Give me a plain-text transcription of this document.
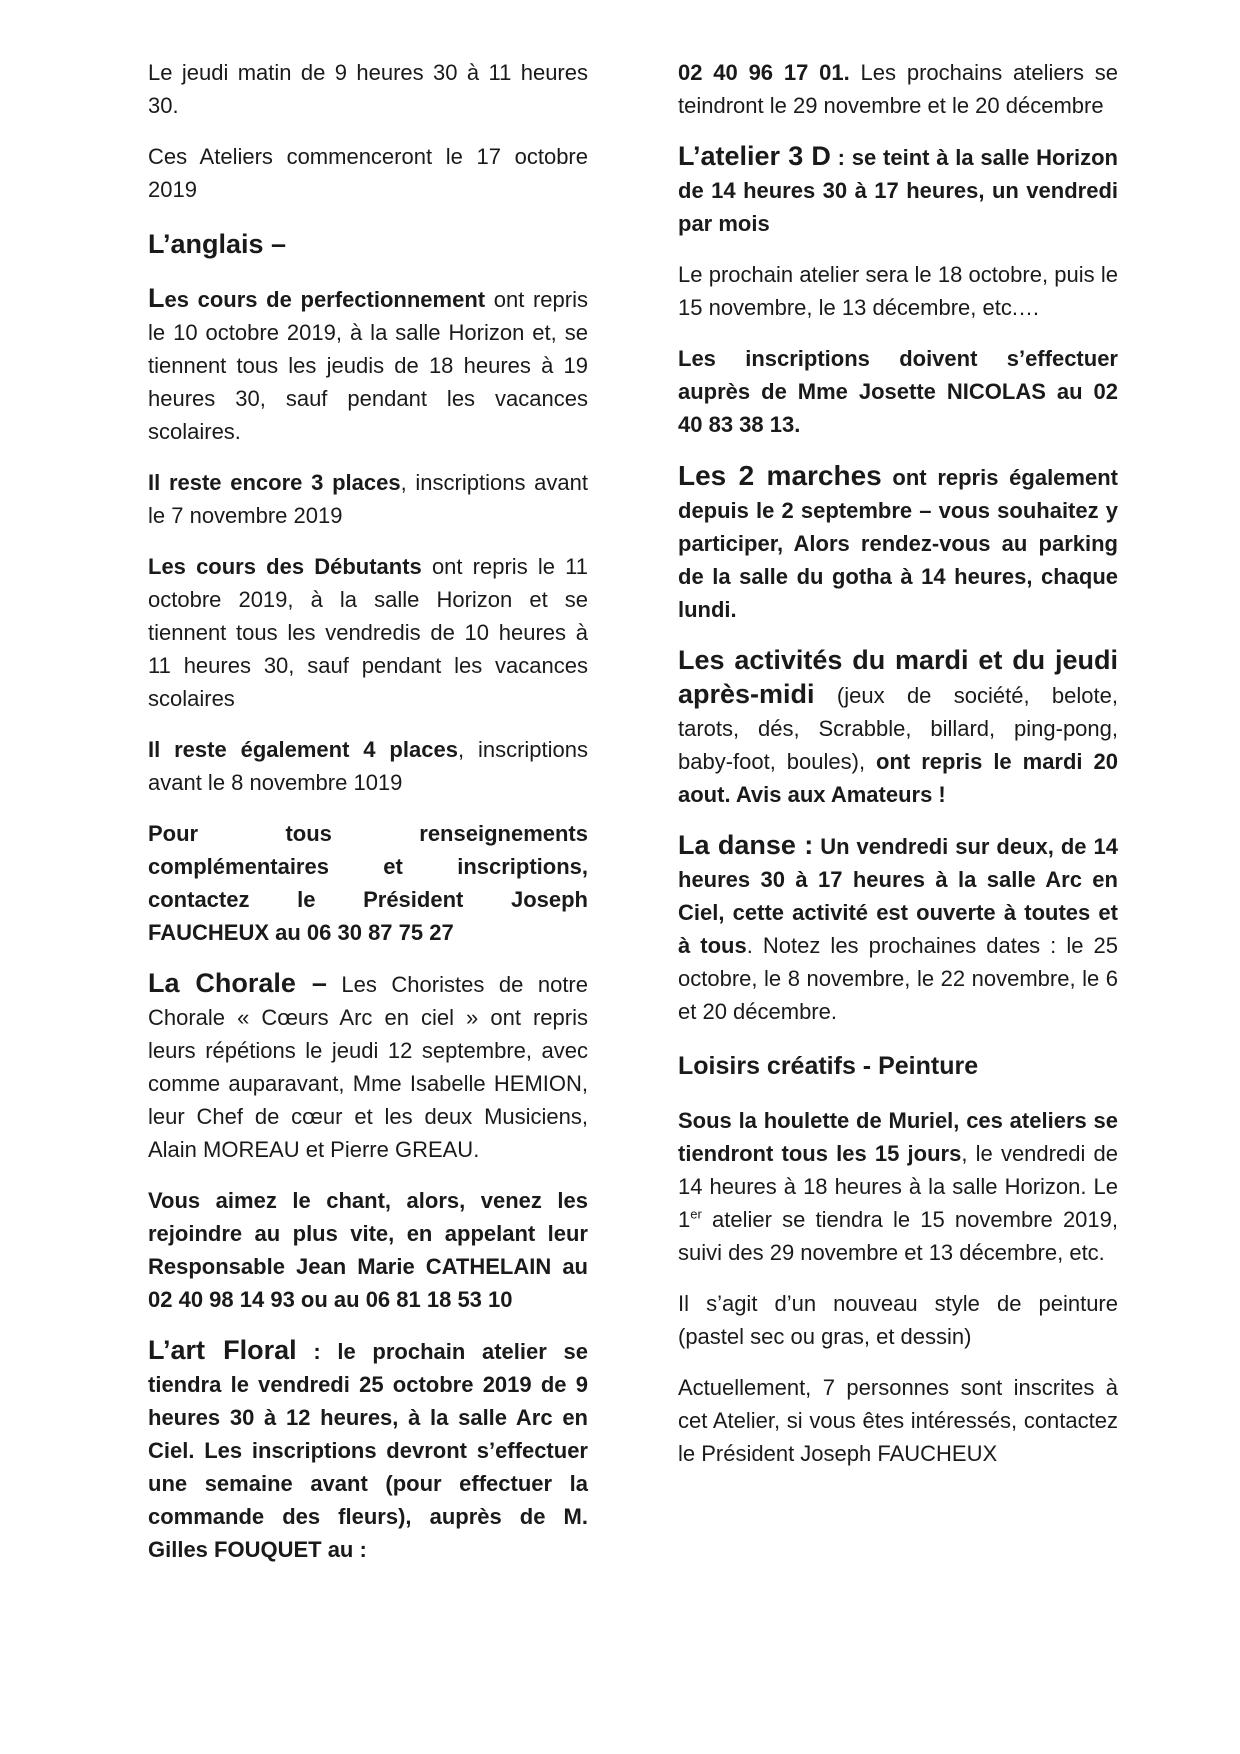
Le jeudi matin de 9 heures 30 à 11 heures 30.

Ces Ateliers commenceront le 17 octobre 2019

L’anglais –

Les cours de perfectionnement ont repris le 10 octobre 2019, à la salle Horizon et, se tiennent tous les jeudis de 18 heures à 19 heures 30, sauf pendant les vacances scolaires.

Il reste encore 3 places, inscriptions avant le 7 novembre 2019

Les cours des Débutants ont repris le 11 octobre 2019, à la salle Horizon et se tiennent tous les vendredis de 10 heures à 11 heures 30, sauf pendant les vacances scolaires

Il reste également 4 places, inscriptions avant le 8 novembre 1019

Pour tous renseignements complémentaires et inscriptions, contactez le Président Joseph FAUCHEUX au 06 30 87 75 27

La Chorale – Les Choristes de notre Chorale « Cœurs Arc en ciel » ont repris leurs répétions le jeudi 12 septembre, avec comme auparavant, Mme Isabelle HEMION, leur Chef de cœur et les deux Musiciens, Alain MOREAU et Pierre GREAU.

Vous aimez le chant, alors, venez les rejoindre au plus vite, en appelant leur Responsable Jean Marie CATHELAIN au 02 40 98 14 93 ou au 06 81 18 53 10

L’art Floral : le prochain atelier se tiendra le vendredi 25 octobre 2019 de 9 heures 30 à 12 heures, à la salle Arc en Ciel. Les inscriptions devront s’effectuer une semaine avant (pour effectuer la commande des fleurs), auprès de M. Gilles FOUQUET au :

02 40 96 17 01. Les prochains ateliers se teindront le 29 novembre et le 20 décembre

L’atelier 3 D : se teint à la salle Horizon de 14 heures 30 à 17 heures, un vendredi par mois

Le prochain atelier sera le 18 octobre, puis le 15 novembre, le 13 décembre, etc.…

Les inscriptions doivent s’effectuer auprès de Mme Josette NICOLAS au 02 40 83 38 13.

Les 2 marches ont repris également depuis le 2 septembre – vous souhaitez y participer, Alors rendez-vous au parking de la salle du gotha à 14 heures, chaque lundi.

Les activités du mardi et du jeudi après-midi (jeux de société, belote, tarots, dés, Scrabble, billard, ping-pong, baby-foot, boules), ont repris le mardi 20 aout. Avis aux Amateurs !

La danse : Un vendredi sur deux, de 14 heures 30 à 17 heures à la salle Arc en Ciel, cette activité est ouverte à toutes et à tous. Notez les prochaines dates : le 25 octobre, le 8 novembre, le 22 novembre, le 6 et 20 décembre.

Loisirs créatifs - Peinture

Sous la houlette de Muriel, ces ateliers se tiendront tous les 15 jours, le vendredi de 14 heures à 18 heures à la salle Horizon. Le 1er atelier se tiendra le 15 novembre 2019, suivi des 29 novembre et 13 décembre, etc.

Il s’agit d’un nouveau style de peinture (pastel sec ou gras, et dessin)

Actuellement, 7 personnes sont inscrites à cet Atelier, si vous êtes intéressés, contactez le Président Joseph FAUCHEUX
